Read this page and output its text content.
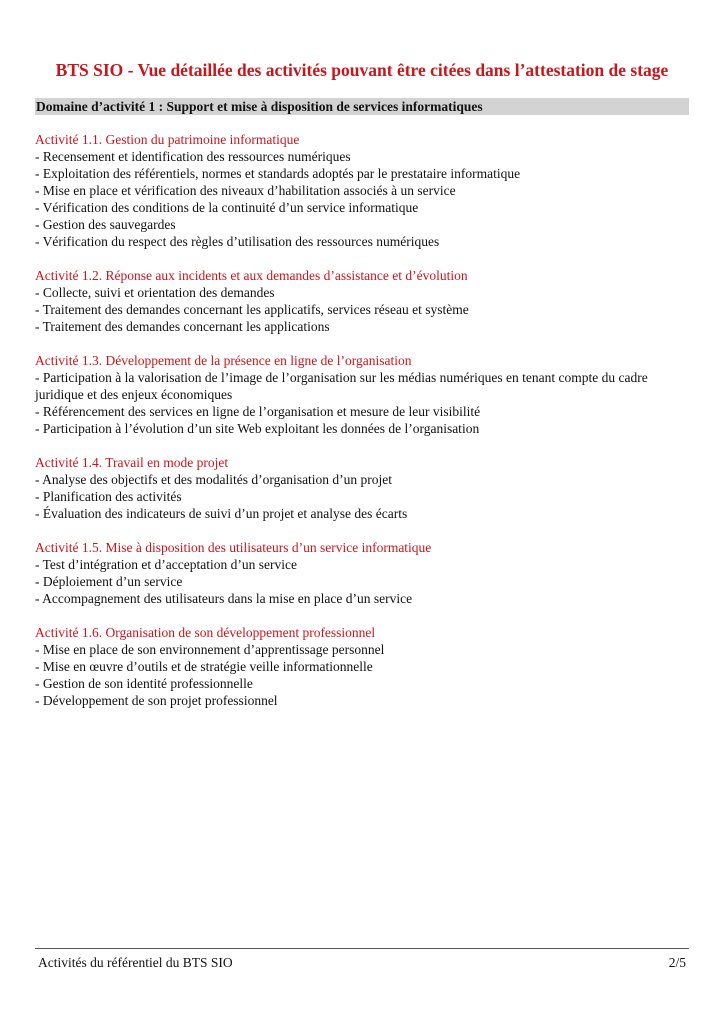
BTS SIO - Vue détaillée des activités pouvant être citées dans l’attestation de stage
Domaine d’activité 1 : Support et mise à disposition de services informatiques
Activité 1.1. Gestion du patrimoine informatique
- Recensement et identification des ressources numériques
- Exploitation des référentiels, normes et standards adoptés par le prestataire informatique
- Mise en place et vérification des niveaux d’habilitation associés à un service
- Vérification des conditions de la continuité d’un service informatique
- Gestion des sauvegardes
- Vérification du respect des règles d’utilisation des ressources numériques
Activité 1.2. Réponse aux incidents et aux demandes d’assistance et d’évolution
- Collecte, suivi et orientation des demandes
- Traitement des demandes concernant les applicatifs, services réseau et système
- Traitement des demandes concernant les applications
Activité 1.3. Développement de la présence en ligne de l’organisation
- Participation à la valorisation de l’image de l’organisation sur les médias numériques en tenant compte du cadre juridique et des enjeux économiques
- Référencement des services en ligne de l’organisation et mesure de leur visibilité
- Participation à l’évolution d’un site Web exploitant les données de l’organisation
Activité 1.4. Travail en mode projet
- Analyse des objectifs et des modalités d’organisation d’un projet
- Planification des activités
- Évaluation des indicateurs de suivi d’un projet et analyse des écarts
Activité 1.5. Mise à disposition des utilisateurs d’un service informatique
- Test d’intégration et d’acceptation d’un service
- Déploiement d’un service
- Accompagnement des utilisateurs dans la mise en place d’un service
Activité 1.6. Organisation de son développement professionnel
- Mise en place de son environnement d’apprentissage personnel
- Mise en œuvre d’outils et de stratégie veille informationnelle
- Gestion de son identité professionnelle
- Développement de son projet professionnel
Activités du référentiel du BTS SIO	2/5
